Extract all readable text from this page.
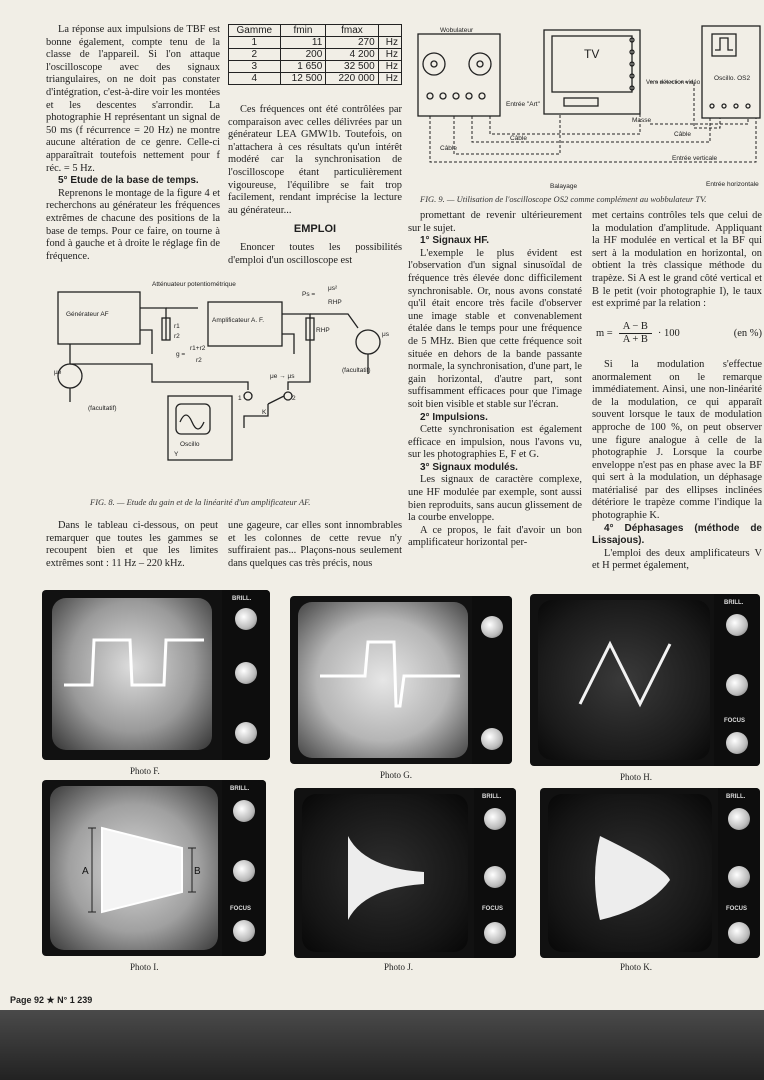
La réponse aux impulsions de TBF est bonne également, compte tenu de la classe de l'appareil. Si l'on attaque l'oscilloscope avec des signaux triangulaires, on ne doit pas constater d'intégration, c'est-à-dire voir les montées et les descentes s'arrondir. La photographie H représentant un signal de 50 ms (f récurrence = 20 Hz) ne montre aucune altération de ce genre. Celle-ci apparaîtrait toutefois nettement pour f réc. = 5 Hz.

5° Etude de la base de temps.

Reprenons le montage de la figure 4 et recherchons au générateur les fréquences extrêmes de chacune des positions de la base de temps. Pour ce faire, on tourne à fond à gauche et à droite le réglage fin de fréquence.

Gamme	fmin	fmax	
1	11	270	Hz
2	200	4 200	Hz
3	1 650	32 500	Hz
4	12 500	220 000	Hz

Ces fréquences ont été contrôlées par comparaison avec celles délivrées par un générateur LEA GMW1b. Toutefois, on n'attachera à ces résultats qu'un intérêt modéré car la synchronisation de l'oscilloscope étant particulièrement vigoureuse, l'équilibre se fait trop facilement, rendant imprécise la lecture au générateur...

EMPLOI

Enoncer toutes les possibilités d'emploi d'un oscilloscope est

Wobulateur
TV
Vers détection vidéo
Oscillo. OS2
Entrée "Art"
Masse
Câble
Câble
Câble
Entrée verticale
Balayage	Entrée horizontale
FIG. 9. — Utilisation de l'oscilloscope OS2 comme complément au wobbulateur TV.

promettant de revenir ultérieurement sur le sujet.

1° Signaux HF.

L'exemple le plus évident est l'observation d'un signal sinusoïdal de fréquence très élevée donc difficilement synchronisable. Or, nous avons constaté qu'il était encore très facile d'observer une image stable et convenablement étalée dans le temps pour une fréquence de 5 MHz. Bien que cette fréquence soit située en dehors de la bande passante normale, la synchronisation, d'une part, le gain horizontal, d'autre part, sont suffisamment efficaces pour que l'image soit bien visible et stable sur l'écran.

2° Impulsions.

Cette synchronisation est également efficace en impulsion, nous l'avons vu, sur les photographies E, F et G.

3° Signaux modulés.

Les signaux de caractère complexe, une HF modulée par exemple, sont aussi bien reproduits, sans aucun glissement de la courbe enveloppe.

A ce propos, le fait d'avoir un bon amplificateur horizontal per-

met certains contrôles tels que celui de la modulation d'amplitude. Appliquant la HF modulée en vertical et la BF qui sert à la modulation en horizontal, on obtient la très classique méthode du trapèze. Si A est le grand côté vertical et B le petit (voir photographie I), le taux est exprimé par la relation :

$m = \frac{A - B}{A + B} \cdot 100$	(en %)

Si la modulation s'effectue anormalement on le remarque immédiatement. Ainsi, une non-linéarité de la modulation, ce qui apparaît souvent lorsque le taux de modulation approche de 100 %, on peut observer une figure analogue à celle de la photographie J. Lorsque la courbe enveloppe n'est pas en phase avec la BF qui sert à la modulation, un déphasage matérialisé par des ellipses inclinées détériore le trapèze comme l'indique la photographie K.

4° Déphasages (méthode de Lissajous).

L'emploi des deux amplificateurs V et H permet également,

Générateur AF
Atténuateur potentiométrique
Amplificateur A. F.
Ps =
μs²
RHP
RHP
μs
(facultatif)
μe
(facultatif)
μe → μs
g =
r1+r2
r2
r1
r2
K
1	2
Oscillo
Y
FIG. 8. — Etude du gain et de la linéarité d'un amplificateur AF.

Dans le tableau ci-dessous, on peut remarquer que toutes les gammes se recoupent bien et que les limites extrêmes sont : 11 Hz – 220 kHz.

une gageure, car elles sont innombrables et les colonnes de cette revue n'y suffiraient pas... Plaçons-nous seulement dans quelques cas très précis, nous

BRILL.
Photo F.	Photo G.
BRILL.
FOCUS
Photo H.
A	B
BRILL.
FOCUS
Photo I.
BRILL.
FOCUS
Photo J.
BRILL.
FOCUS
Photo K.
Page 92 ★ N° 1 239
